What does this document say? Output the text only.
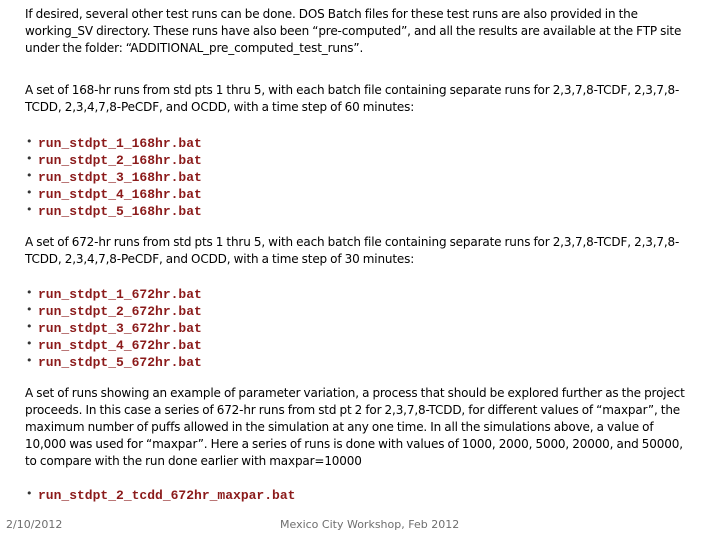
If desired, several other test runs can be done. DOS Batch files for these test runs are also provided in the working_SV directory. These runs have also been “pre-computed”, and all the results are available at the FTP site under the folder: “ADDITIONAL_pre_computed_test_runs”.

A set of 168-hr runs from std pts 1 thru 5, with each batch file containing separate runs for 2,3,7,8-TCDF, 2,3,7,8-TCDD, 2,3,4,7,8-PeCDF, and OCDD, with a time step of 60 minutes:

• run_stdpt_1_168hr.bat
• run_stdpt_2_168hr.bat
• run_stdpt_3_168hr.bat
• run_stdpt_4_168hr.bat
• run_stdpt_5_168hr.bat

A set of 672-hr runs from std pts 1 thru 5, with each batch file containing separate runs for 2,3,7,8-TCDF, 2,3,7,8-TCDD, 2,3,4,7,8-PeCDF, and OCDD, with a time step of 30 minutes:

• run_stdpt_1_672hr.bat
• run_stdpt_2_672hr.bat
• run_stdpt_3_672hr.bat
• run_stdpt_4_672hr.bat
• run_stdpt_5_672hr.bat

A set of runs showing an example of parameter variation, a process that should be explored further as the project proceeds. In this case a series of 672-hr runs from std pt 2 for 2,3,7,8-TCDD, for different values of “maxpar”, the maximum number of puffs allowed in the simulation at any one time. In all the simulations above, a value of 10,000 was used for “maxpar”. Here a series of runs is done with values of 1000, 2000, 5000, 20000, and 50000, to compare with the run done earlier with maxpar=10000

• run_stdpt_2_tcdd_672hr_maxpar.bat
2/10/2012	Mexico City Workshop, Feb 2012
